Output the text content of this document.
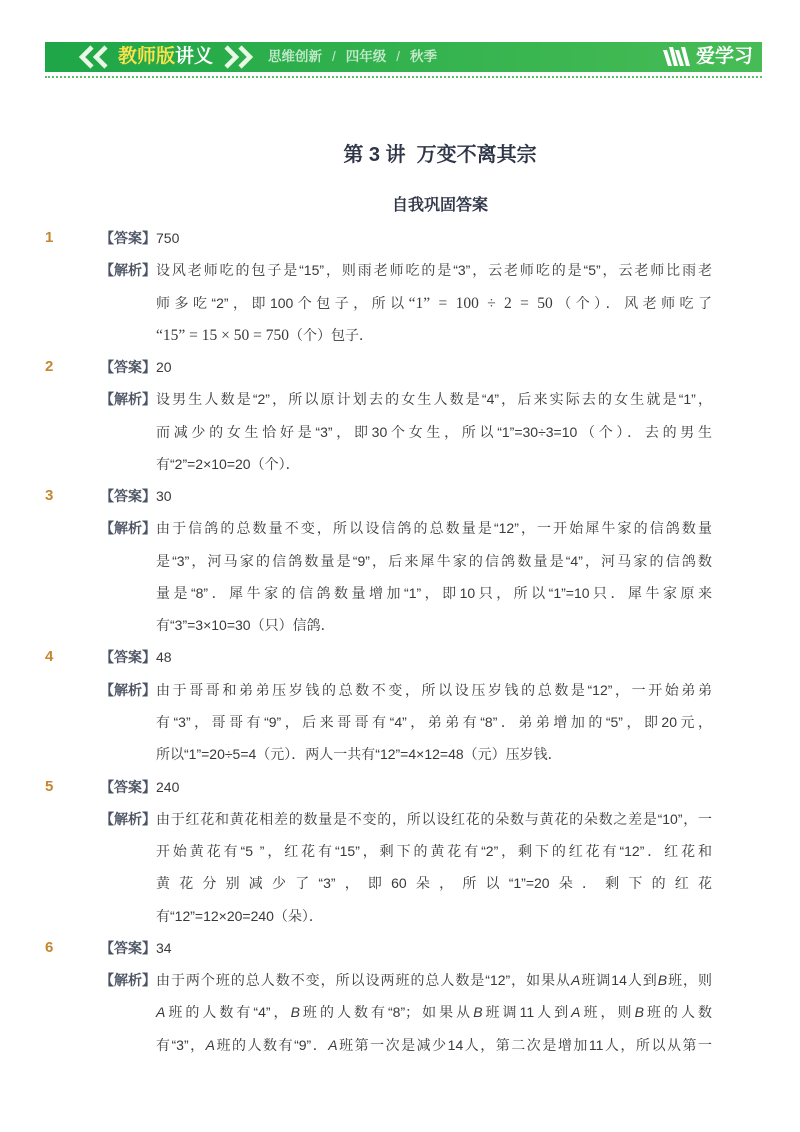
教师版讲义	思维创新 / 四年级 / 秋季	爱学习
第 3 讲  万变不离其宗
自我巩固答案
1	【答案】 750
【解析】 设风老师吃的包子是“15”，则雨老师吃的是“3”，云老师吃的是“5”，云老师比雨老
师多吃“2”，即100个包子，所以“1” = 100 ÷ 2 = 50（个）．风老师吃了
“15” = 15 × 50 = 750（个）包子．
2	【答案】 20
【解析】 设男生人数是“2”，所以原计划去的女生人数是“4”，后来实际去的女生就是“1”，
而减少的女生恰好是“3”，即30个女生，所以“1”=30÷3=10（个）．去的男生
有“2”=2×10=20（个）．
3	【答案】 30
【解析】 由于信鸽的总数量不变，所以设信鸽的总数量是“12”，一开始犀牛家的信鸽数量
是“3”，河马家的信鸽数量是“9”，后来犀牛家的信鸽数量是“4”，河马家的信鸽数
量是“8”．犀牛家的信鸽数量增加“1”，即10只，所以“1”=10只．犀牛家原来
有“3”=3×10=30（只）信鸽．
4	【答案】 48
【解析】 由于哥哥和弟弟压岁钱的总数不变，所以设压岁钱的总数是“12”，一开始弟弟
有“3”，哥哥有“9”，后来哥哥有“4”，弟弟有“8”．弟弟增加的“5”，即20元，
所以“1”=20÷5=4（元）．两人一共有“12”=4×12=48（元）压岁钱．
5	【答案】 240
【解析】 由于红花和黄花相差的数量是不变的，所以设红花的朵数与黄花的朵数之差是“10”，一
开始黄花有“5 ”，红花有“15”，剩下的黄花有“2”，剩下的红花有“12”．红花和
黄花分别减少了“3”，即60朵，所以“1”=20朵．剩下的红花
有“12”=12×20=240（朵）．
6	【答案】 34
【解析】 由于两个班的总人数不变，所以设两班的总人数是“12”，如果从A班调14人到B班，则
A班的人数有“4”，B班的人数有“8”；如果从B班调11人到A班，则B班的人数
有“3”，A班的人数有“9”．A班第一次是减少14人，第二次是增加11人，所以从第一
